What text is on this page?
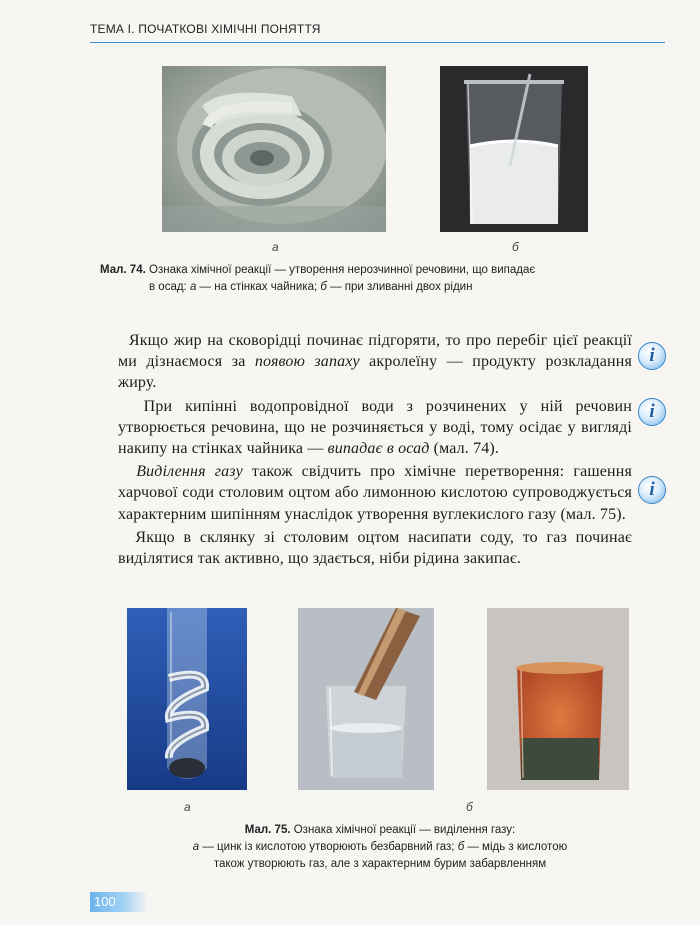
ТЕМА І. ПОЧАТКОВІ ХІМІЧНІ ПОНЯТТЯ
а	б
Мал. 74. Ознака хімічної реакції — утворення нерозчинної речовини, що випадає
в осад: а — на стінках чайника; б — при зливанні двох рідин

Якщо жир на сковорідці починає підгоряти, то про перебіг цієї реакції ми дізнаємося за появою запаху акролеїну — продукту розкладання жиру.

При кипінні водопровідної води з розчинених у ній речовин утворюється речовина, що не розчиняється у воді, тому осідає у вигляді накипу на стінках чайника — випадає в осад (мал. 74).

Виділення газу також свідчить про хімічне перетворення: гашення харчової соди столовим оцтом або лимонною кислотою супроводжується характерним шипінням унаслідок утворення вуглекислого газу (мал. 75).

Якщо в склянку зі столовим оцтом насипати соду, то газ починає виділятися так активно, що здається, ніби рідина закипає.

i
i
i
а	б
Мал. 75. Ознака хімічної реакції — виділення газу:
а — цинк із кислотою утворюють безбарвний газ; б — мідь з кислотою
також утворюють газ, але з характерним бурим забарвленням
100
